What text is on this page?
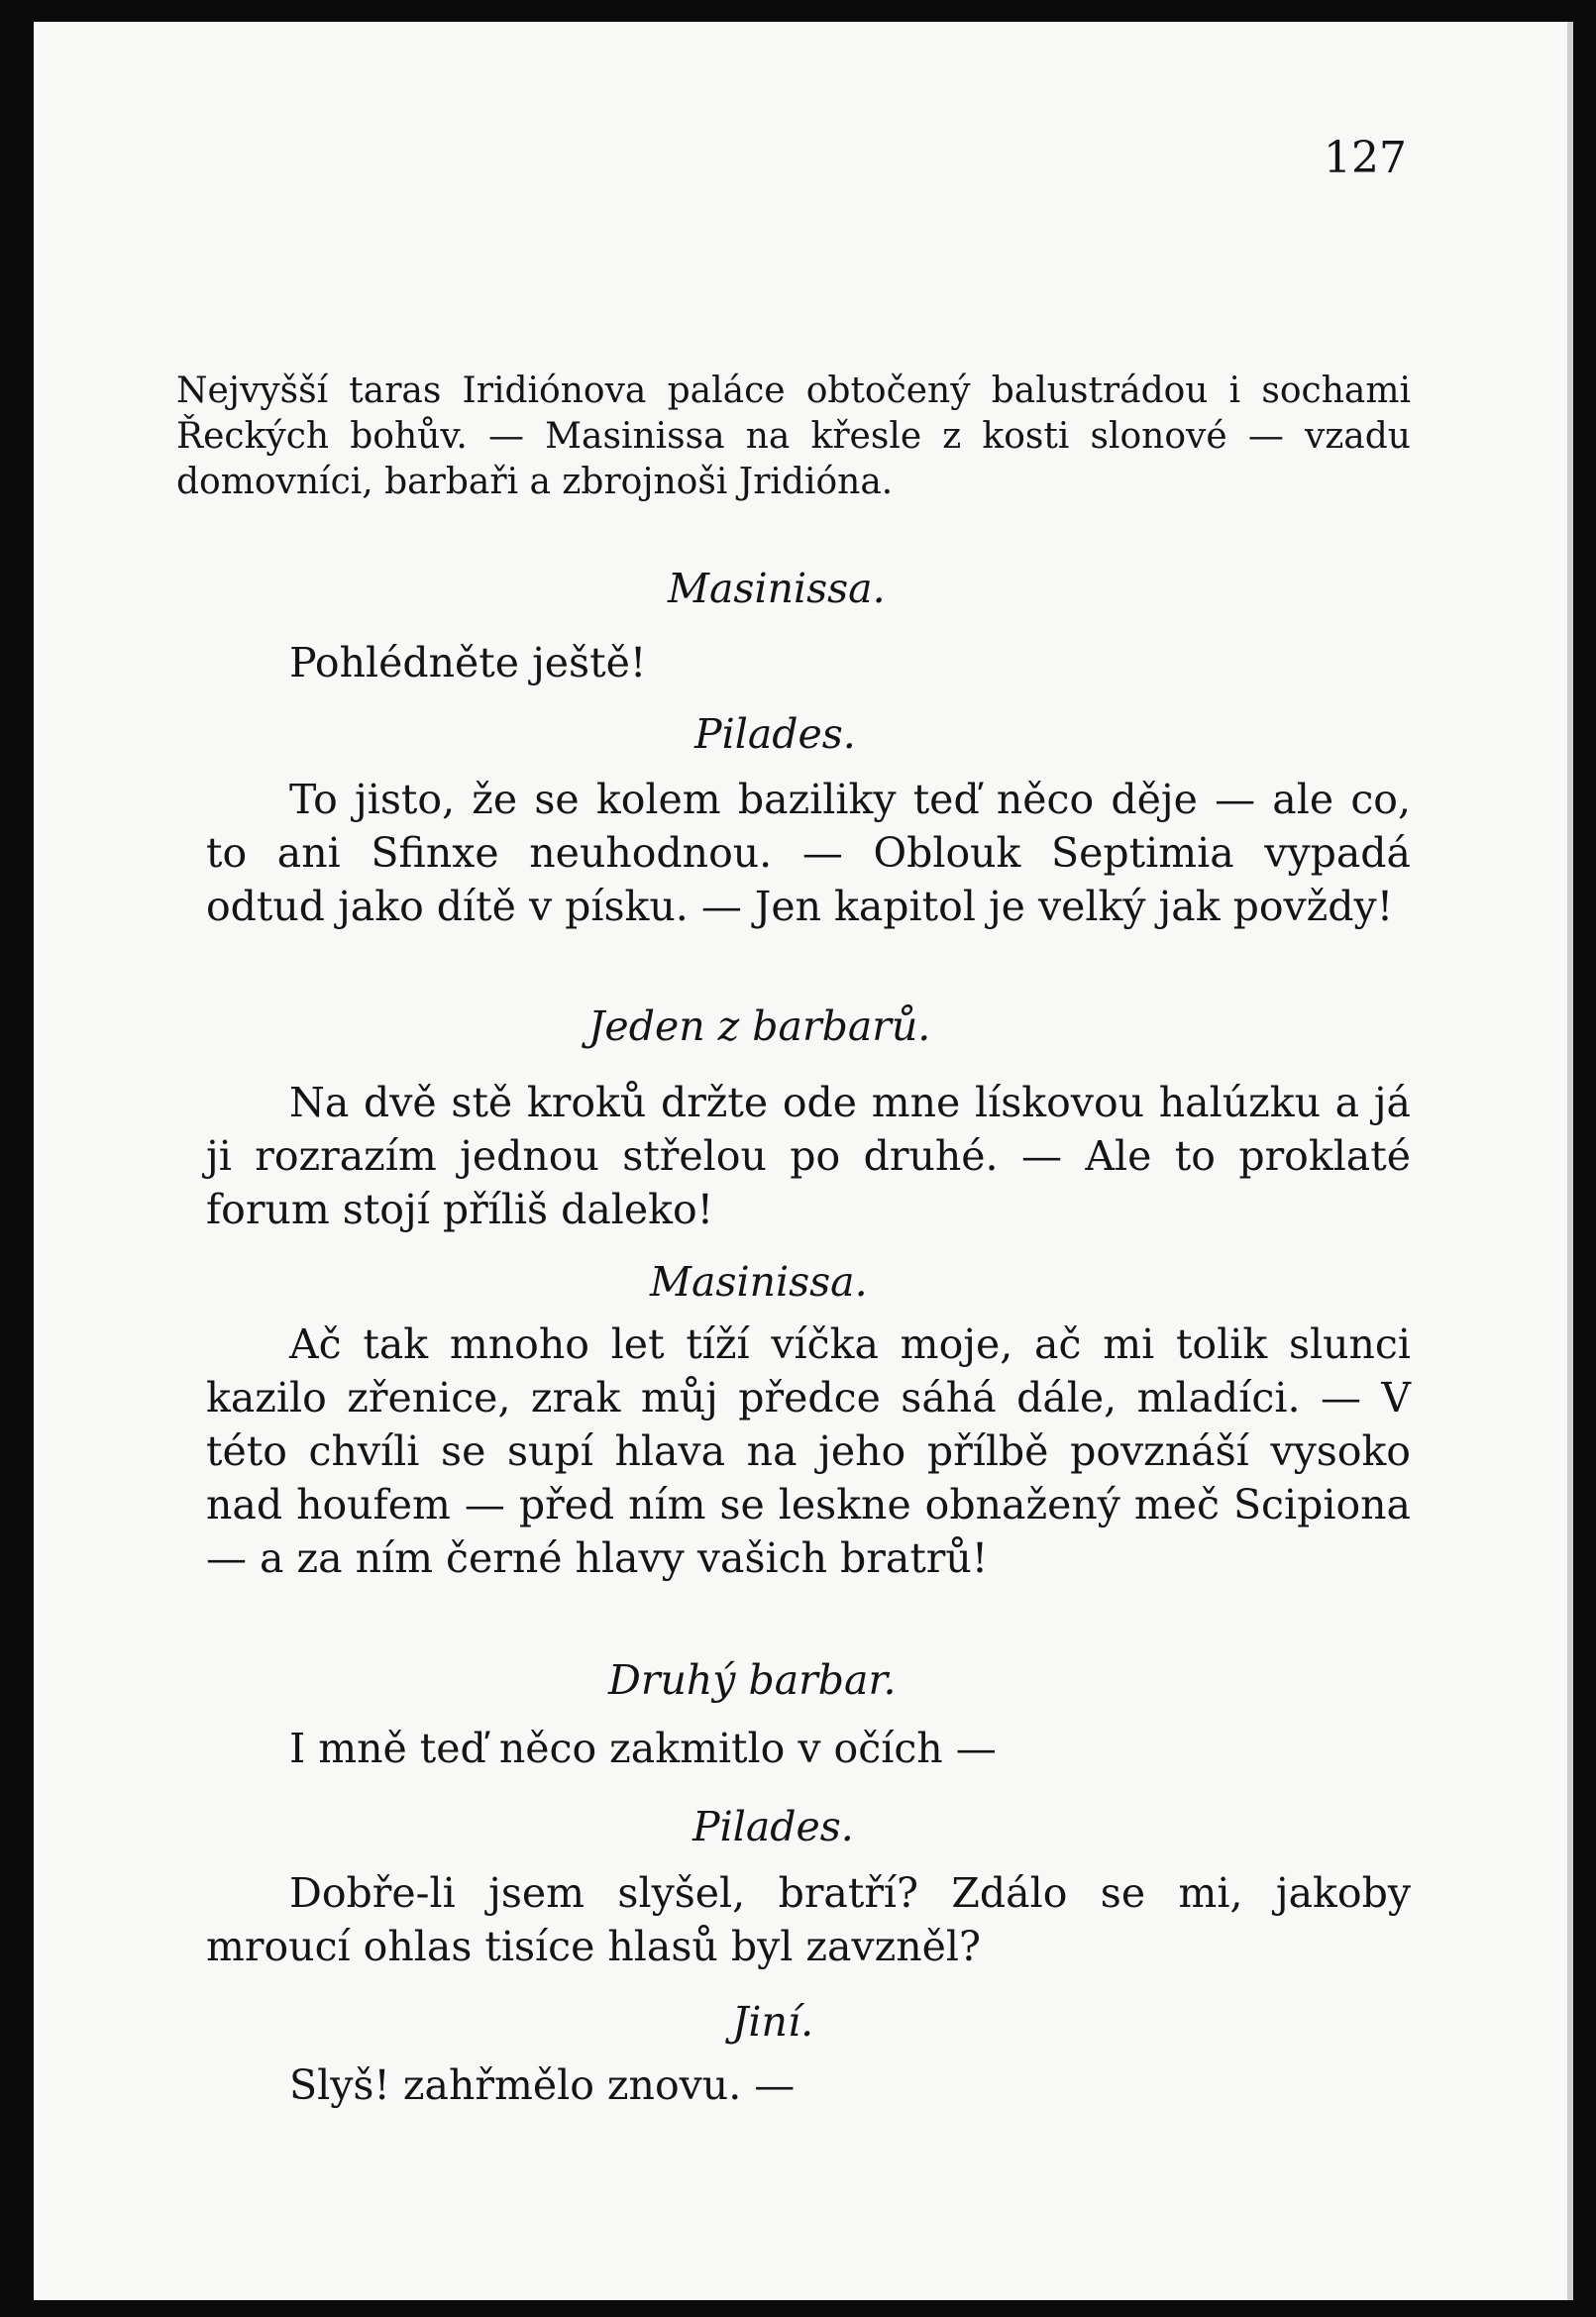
127

Nejvyšší taras Iridiónova paláce obtočený balustrádou i sochami Řeckých bohův. — Masinissa na křesle z kosti slonové — vzadu domovníci, barbaři a zbrojnoši Jridióna.

Masinissa.

Pohlédněte ještě!

Pilades.

To jisto, že se kolem baziliky teď něco děje — ale co, to ani Sfinxe neuhodnou. — Oblouk Septimia vypadá odtud jako dítě v písku. — Jen kapitol je velký jak povždy!

Jeden z barbarů.

Na dvě stě kroků držte ode mne lískovou halúzku a já ji rozrazím jednou střelou po druhé. — Ale to proklaté forum stojí příliš daleko!

Masinissa.

Ač tak mnoho let tíží víčka moje, ač mi tolik slunci kazilo zřenice, zrak můj předce sáhá dále, mladíci. — V této chvíli se supí hlava na jeho přílbě povznáší vysoko nad houfem — před ním se leskne obnažený meč Scipiona — a za ním černé hlavy vašich bratrů!

Druhý barbar.

I mně teď něco zakmitlo v očích —

Pilades.

Dobře-li jsem slyšel, bratří? Zdálo se mi, jakoby mroucí ohlas tisíce hlasů byl zavzněl?

Jiní.

Slyš! zahřmělo znovu. —
